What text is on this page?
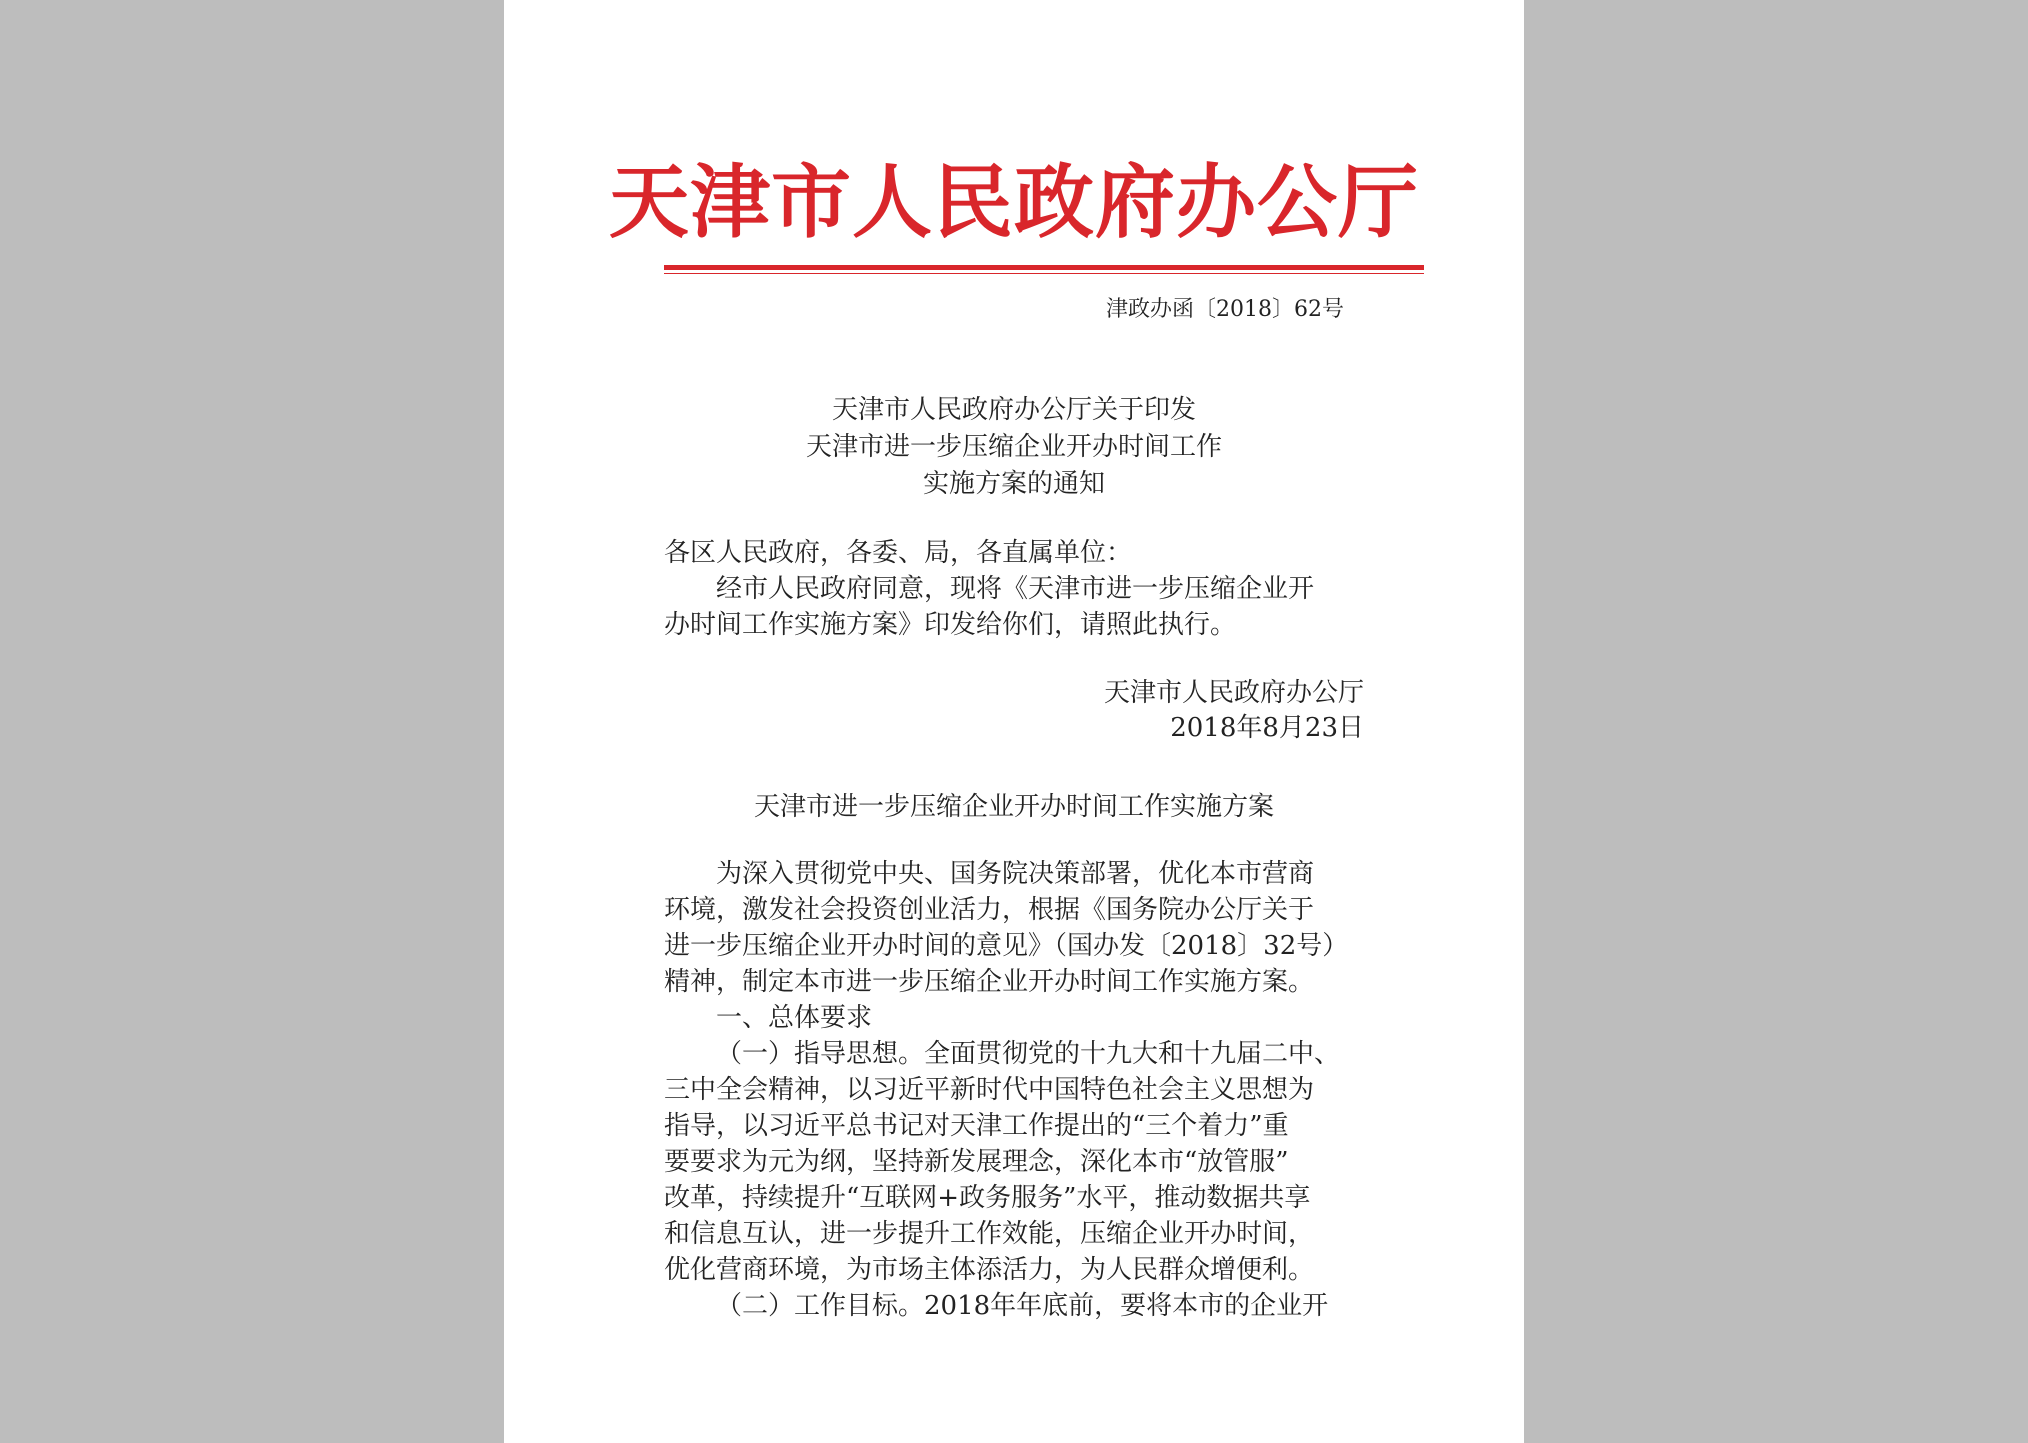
天津市人民政府办公厅
津政办函〔2018〕62号
天津市人民政府办公厅关于印发
天津市进一步压缩企业开办时间工作
实施方案的通知
各区人民政府，各委、局，各直属单位：
经市人民政府同意，现将《天津市进一步压缩企业开
办时间工作实施方案》印发给你们，请照此执行。
天津市人民政府办公厅
2018年8月23日
天津市进一步压缩企业开办时间工作实施方案
为深入贯彻党中央、国务院决策部署，优化本市营商
环境，激发社会投资创业活力，根据《国务院办公厅关于
进一步压缩企业开办时间的意见》（国办发〔2018〕32号）
精神，制定本市进一步压缩企业开办时间工作实施方案。
一、总体要求
（一）指导思想。全面贯彻党的十九大和十九届二中、
三中全会精神，以习近平新时代中国特色社会主义思想为
指导，以习近平总书记对天津工作提出的“三个着力”重
要要求为元为纲，坚持新发展理念，深化本市“放管服”
改革，持续提升“互联网+政务服务”水平，推动数据共享
和信息互认，进一步提升工作效能，压缩企业开办时间，
优化营商环境，为市场主体添活力，为人民群众增便利。
（二）工作目标。2018年年底前，要将本市的企业开
